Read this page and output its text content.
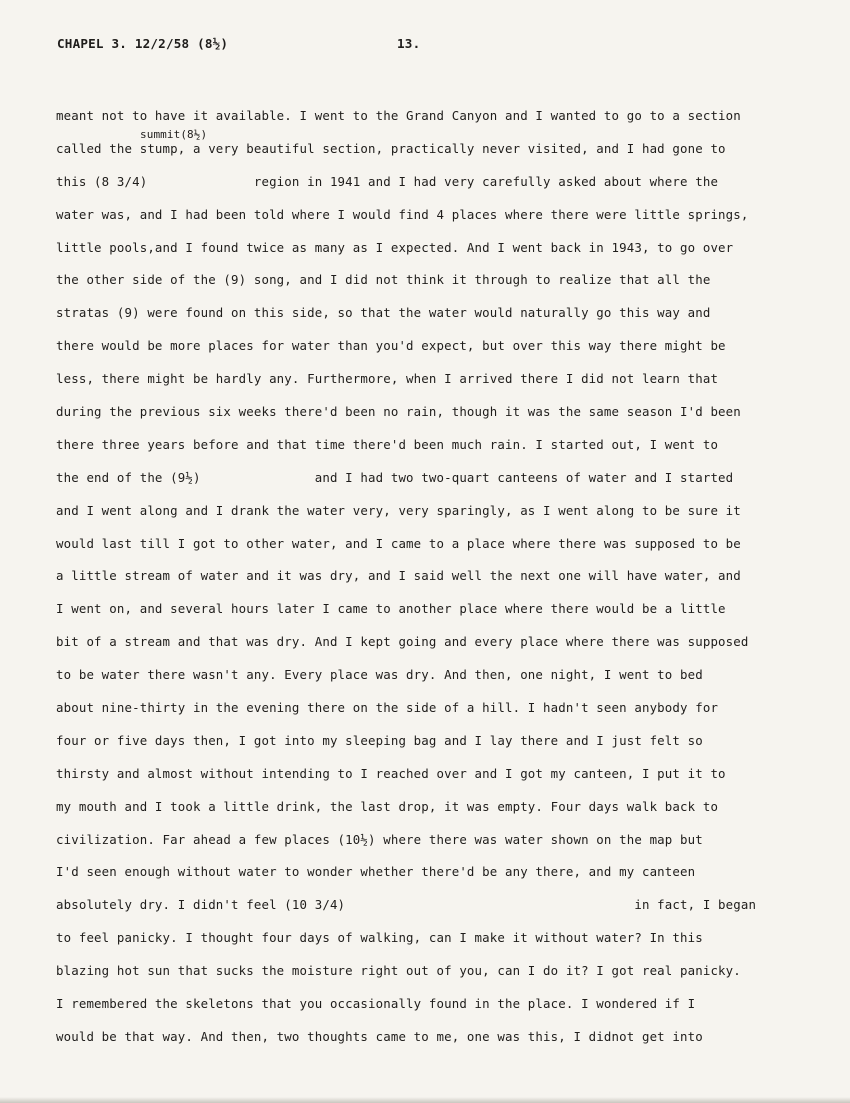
CHAPEL 3. 12/2/58 (8½)	13.
summit(8½)
meant not to have it available. I went to the Grand Canyon and I wanted to go to a section
called the stump, a very beautiful section, practically never visited, and I had gone to
this (8 3/4)              region in 1941 and I had very carefully asked about where the
water was, and I had been told where I would find 4 places where there were little springs,
little pools,and I found twice as many as I expected. And I went back in 1943, to go over
the other side of the (9) song, and I did not think it through to realize that all the
stratas (9) were found on this side, so that the water would naturally go this way and
there would be more places for water than you'd expect, but over this way there might be
less, there might be hardly any. Furthermore, when I arrived there I did not learn that
during the previous six weeks there'd been no rain, though it was the same season I'd been
there three years before and that time there'd been much rain. I started out, I went to
the end of the (9½)               and I had two two-quart canteens of water and I started
and I went along and I drank the water very, very sparingly, as I went along to be sure it
would last till I got to other water, and I came to a place where there was supposed to be
a little stream of water and it was dry, and I said well the next one will have water, and
I went on, and several hours later I came to another place where there would be a little
bit of a stream and that was dry. And I kept going and every place where there was supposed
to be water there wasn't any. Every place was dry. And then, one night, I went to bed
about nine-thirty in the evening there on the side of a hill. I hadn't seen anybody for
four or five days then, I got into my sleeping bag and I lay there and I just felt so
thirsty and almost without intending to I reached over and I got my canteen, I put it to
my mouth and I took a little drink, the last drop, it was empty. Four days walk back to
civilization. Far ahead a few places (10½) where there was water shown on the map but
I'd seen enough without water to wonder whether there'd be any there, and my canteen
absolutely dry. I didn't feel (10 3/4)                                      in fact, I began
to feel panicky. I thought four days of walking, can I make it without water? In this
blazing hot sun that sucks the moisture right out of you, can I do it? I got real panicky.
I remembered the skeletons that you occasionally found in the place. I wondered if I
would be that way. And then, two thoughts came to me, one was this, I didnot get into
